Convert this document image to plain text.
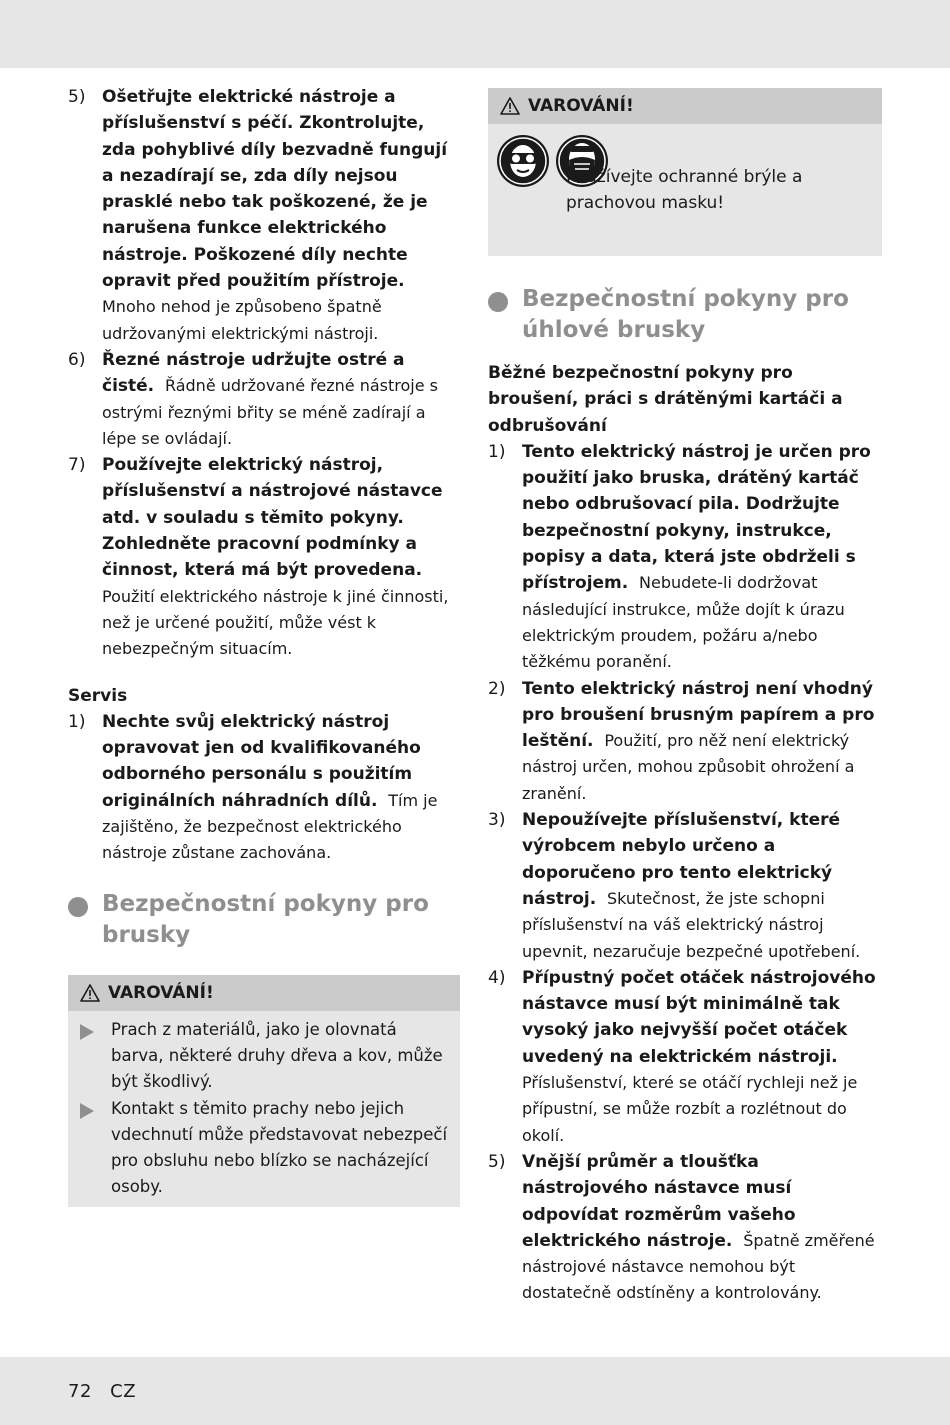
5) Ošetřujte elektrické nástroje a příslušenství s péčí. Zkontrolujte, zda pohyblivé díly bezvadně fungují a nezadírají se, zda díly nejsou prasklé nebo tak poškozené, že je narušena funkce elektrického nástroje. Poškozené díly nechte opravit před použitím přístroje.  Mnoho nehod je způsobeno špatně udržovanými elektrickými nástroji.
6) Řezné nástroje udržujte ostré a čisté. Řádně udržované řezné nástroje s ostrými řeznými břity se méně zadírají a lépe se ovládají.
7) Používejte elektrický nástroj, příslušenství a nástrojové nástavce atd. v souladu s těmito pokyny. Zohledněte pracovní podmínky a činnost, která má být provedena.  Použití elektrického nástroje k jiné činnosti, než je určené použití, může vést k nebezpečným situacím.
Servis
1) Nechte svůj elektrický nástroj opravovat jen od kvalifikovaného odborného personálu s použitím originálních náhradních dílů. Tím je zajištěno, že bezpečnost elektrického nástroje zůstane zachována.
Bezpečnostní pokyny pro brusky
VAROVÁNÍ!
Prach z materiálů, jako je olovnatá barva, některé druhy dřeva a kov, může být škodlivý.
Kontakt s těmito prachy nebo jejich vdechnutí může představovat nebezpečí pro obsluhu nebo blízko se nacházející osoby.
VAROVÁNÍ!

Používejte ochranné brýle a prachovou masku!
Bezpečnostní pokyny pro úhlové brusky
Běžné bezpečnostní pokyny pro broušení, práci s drátěnými kartáči a odbrušování
1) Tento elektrický nástroj je určen pro použití jako bruska, drátěný kartáč nebo odbrušovací pila. Dodržujte bezpečnostní pokyny, instrukce, popisy a data, která jste obdrželi s přístrojem. Nebudete-li dodržovat následující instrukce, může dojít k úrazu elektrickým proudem, požáru a/nebo těžkému poranění.
2) Tento elektrický nástroj není vhodný pro broušení brusným papírem a pro leštění. Použití, pro něž není elektrický nástroj určen, mohou způsobit ohrožení a zranění.
3) Nepoužívejte příslušenství, které výrobcem nebylo určeno a doporučeno pro tento elektrický nástroj. Skutečnost, že jste schopni příslušenství na váš elektrický nástroj upevnit, nezaručuje bezpečné upotřebení.
4) Přípustný počet otáček nástrojového nástavce musí být minimálně tak vysoký jako nejvyšší počet otáček uvedený na elektrickém nástroji.  Příslušenství, které se otáčí rychleji než je přípustní, se může rozbít a rozlétnout do okolí.
5) Vnější průměr a tloušťka nástrojového nástavce musí odpovídat rozměrům vašeho elektrického nástroje. Špatně změřené nástrojové nástavce nemohou být dostatečně odstíněny a kontrolovány.
72 CZ
